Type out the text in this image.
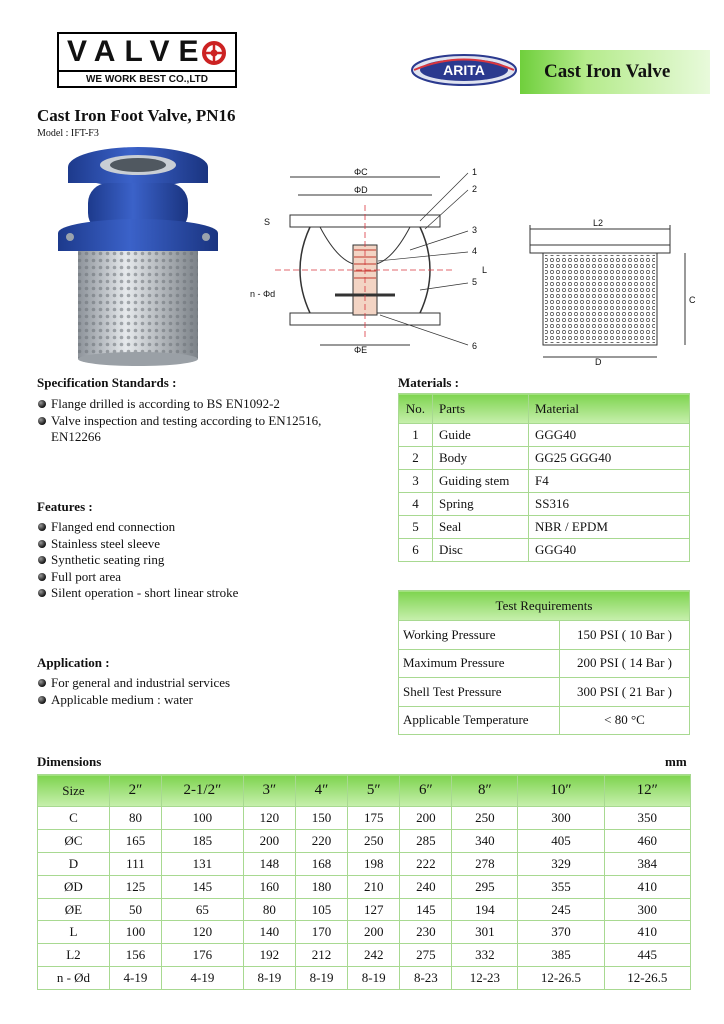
VALVE
WE WORK BEST CO.,LTD
ARITA	Cast Iron Valve
Cast Iron Foot Valve, PN16
Model : IFT-F3
ΦC
ΦD
S
L
n - Φd
ΦE
1
2
3
4
5
6
L2
C
D
Specification Standards :
Flange drilled is according to BS EN1092-2
Valve inspection and testing according to EN12516,
EN12266
Features :
Flanged end connection
Stainless steel sleeve
Synthetic seating ring
Full port area
Silent operation - short linear stroke
Application :
For general and industrial services
Applicable medium : water
Materials :
No.	Parts	Material
1	Guide	GGG40
2	Body	GG25 GGG40
3	Guiding stem	F4
4	Spring	SS316
5	Seal	NBR / EPDM
6	Disc	GGG40
Test Requirements	
Working Pressure	150 PSI ( 10 Bar )
Maximum Pressure	200 PSI ( 14 Bar )
Shell Test Pressure	300 PSI ( 21 Bar )
Applicable Temperature	< 80 °C
Dimensions	mm
Size	2″	2-1/2″	3″	4″	5″	6″	8″	10″	12″
C	80	100	120	150	175	200	250	300	350
ØC	165	185	200	220	250	285	340	405	460
D	111	131	148	168	198	222	278	329	384
ØD	125	145	160	180	210	240	295	355	410
ØE	50	65	80	105	127	145	194	245	300
L	100	120	140	170	200	230	301	370	410
L2	156	176	192	212	242	275	332	385	445
n - Ød	4-19	4-19	8-19	8-19	8-19	8-23	12-23	12-26.5	12-26.5
